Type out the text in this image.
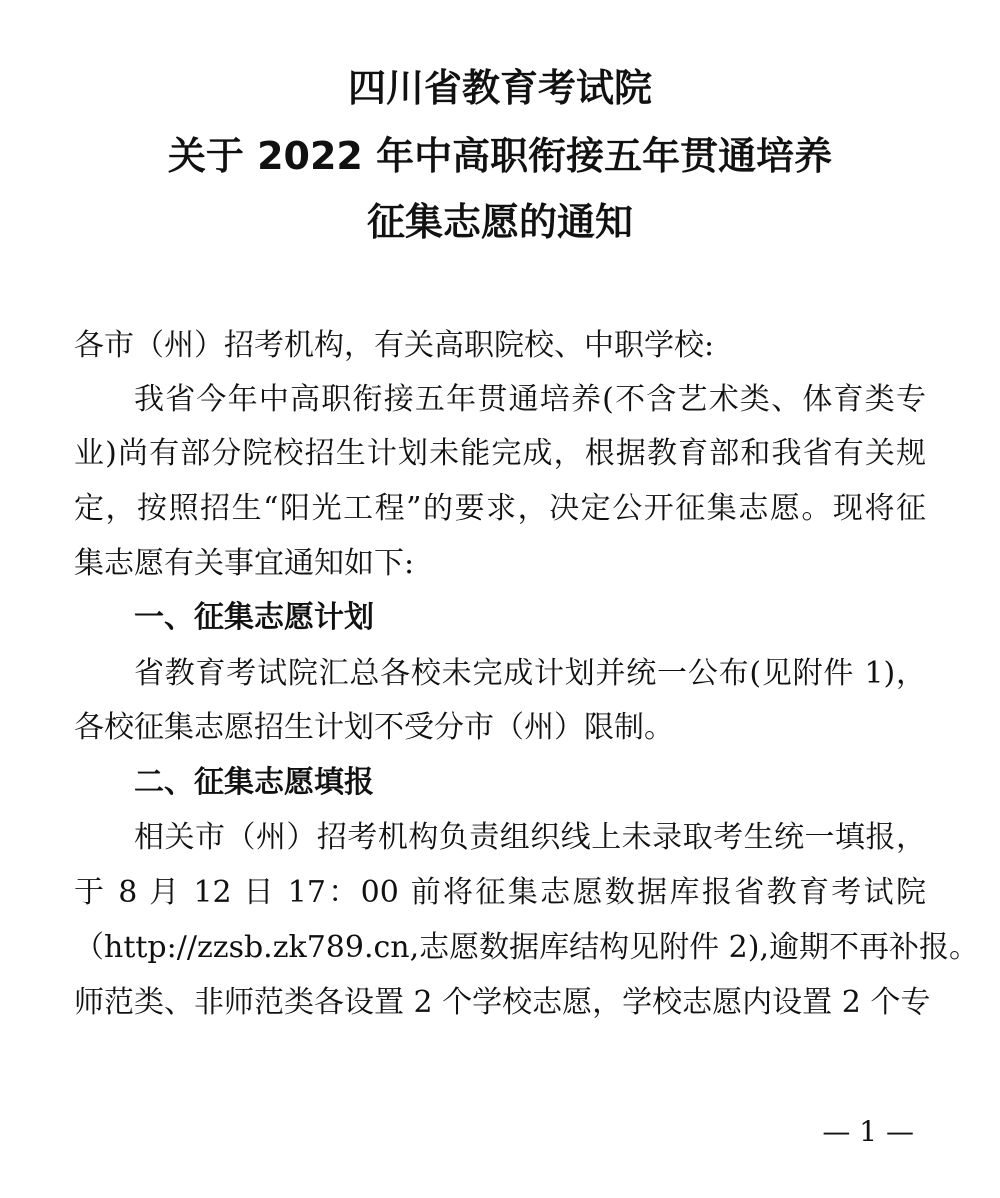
四川省教育考试院
关于 2022 年中高职衔接五年贯通培养
征集志愿的通知

各市（州）招考机构，有关高职院校、中职学校:

我省今年中高职衔接五年贯通培养(不含艺术类、体育类专

业)尚有部分院校招生计划未能完成，根据教育部和我省有关规

定，按照招生“阳光工程”的要求，决定公开征集志愿。现将征

集志愿有关事宜通知如下:

一、征集志愿计划

省教育考试院汇总各校未完成计划并统一公布(见附件 1)，

各校征集志愿招生计划不受分市（州）限制。

二、征集志愿填报

相关市（州）招考机构负责组织线上未录取考生统一填报，

于 8 月 12 日 17：00 前将征集志愿数据库报省教育考试院

（http://zzsb.zk789.cn,志愿数据库结构见附件 2),逾期不再补报。

师范类、非师范类各设置 2 个学校志愿，学校志愿内设置 2 个专

— 1 —
